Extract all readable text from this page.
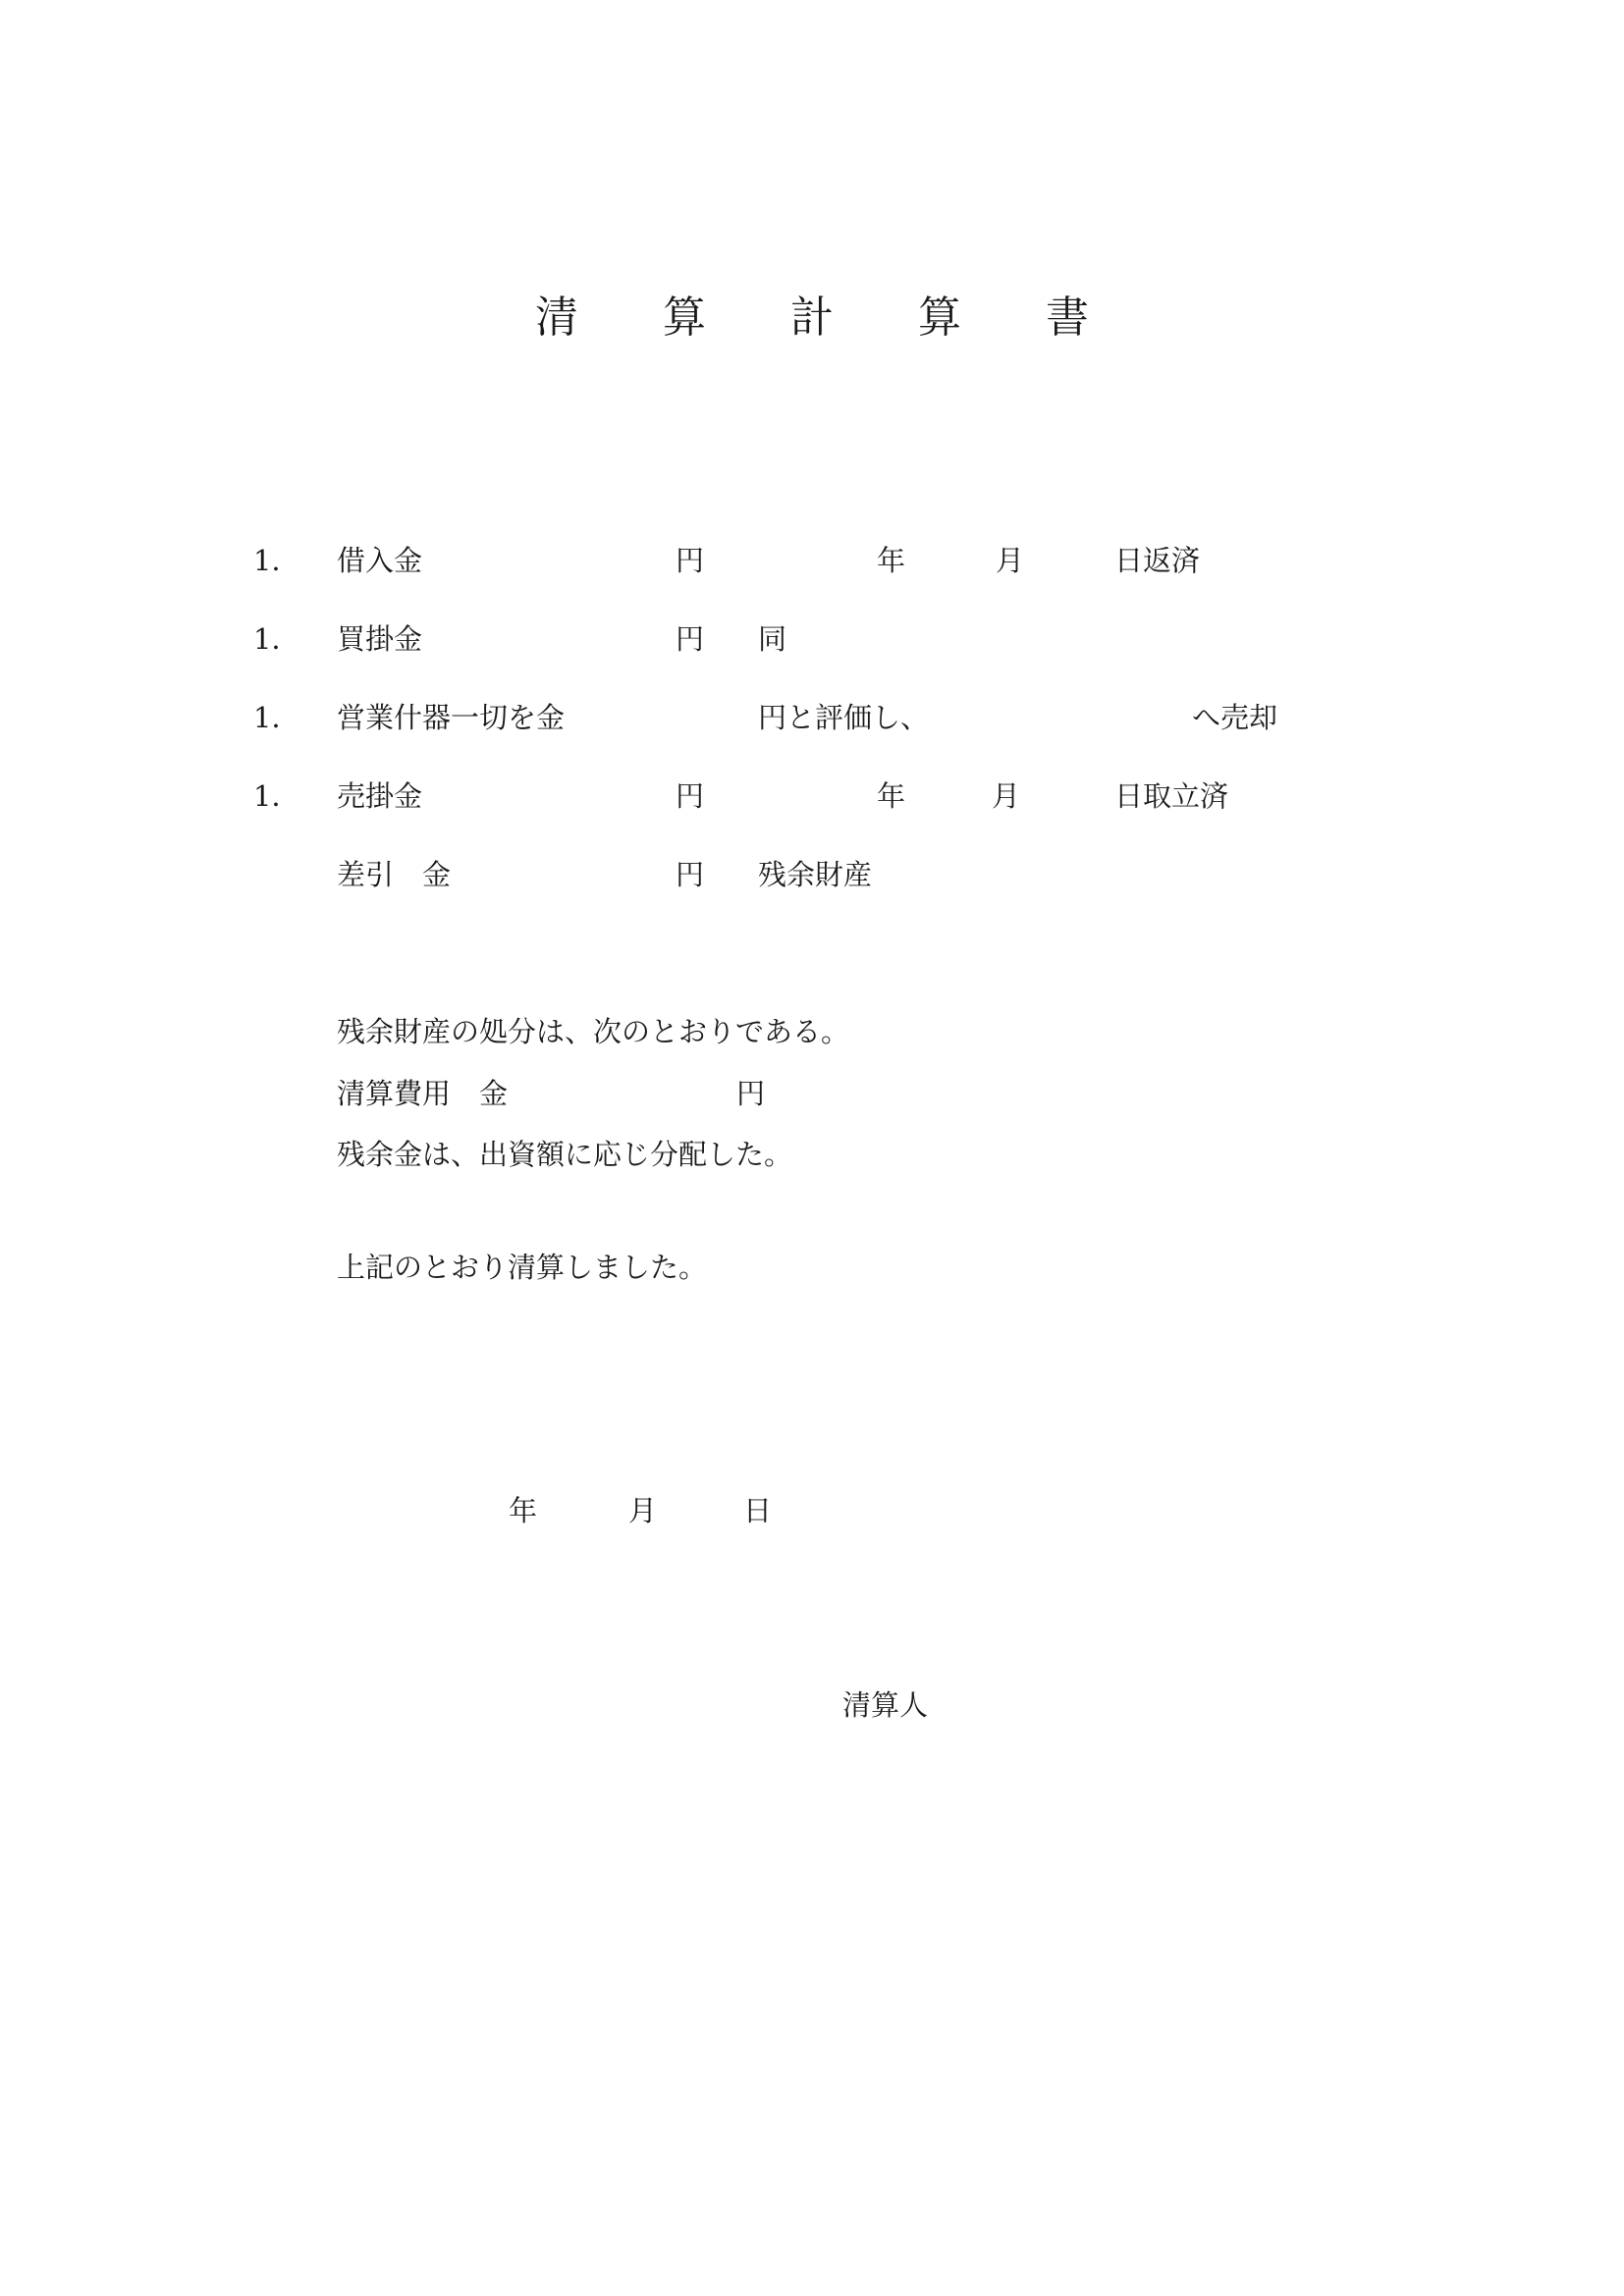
清 算 計 算 書
1． 借入金	円	年	月	日返済
1． 買掛金	円 同
1． 営業什器一切を金	円と評価し、	へ売却
1． 売掛金	円	年	月	日取立済
差引　金	円 残余財産
残余財産の処分は、次のとおりである。
清算費用　金	円
残余金は、出資額に応じ分配した。
上記のとおり清算しました。
年	月	日
清算人
